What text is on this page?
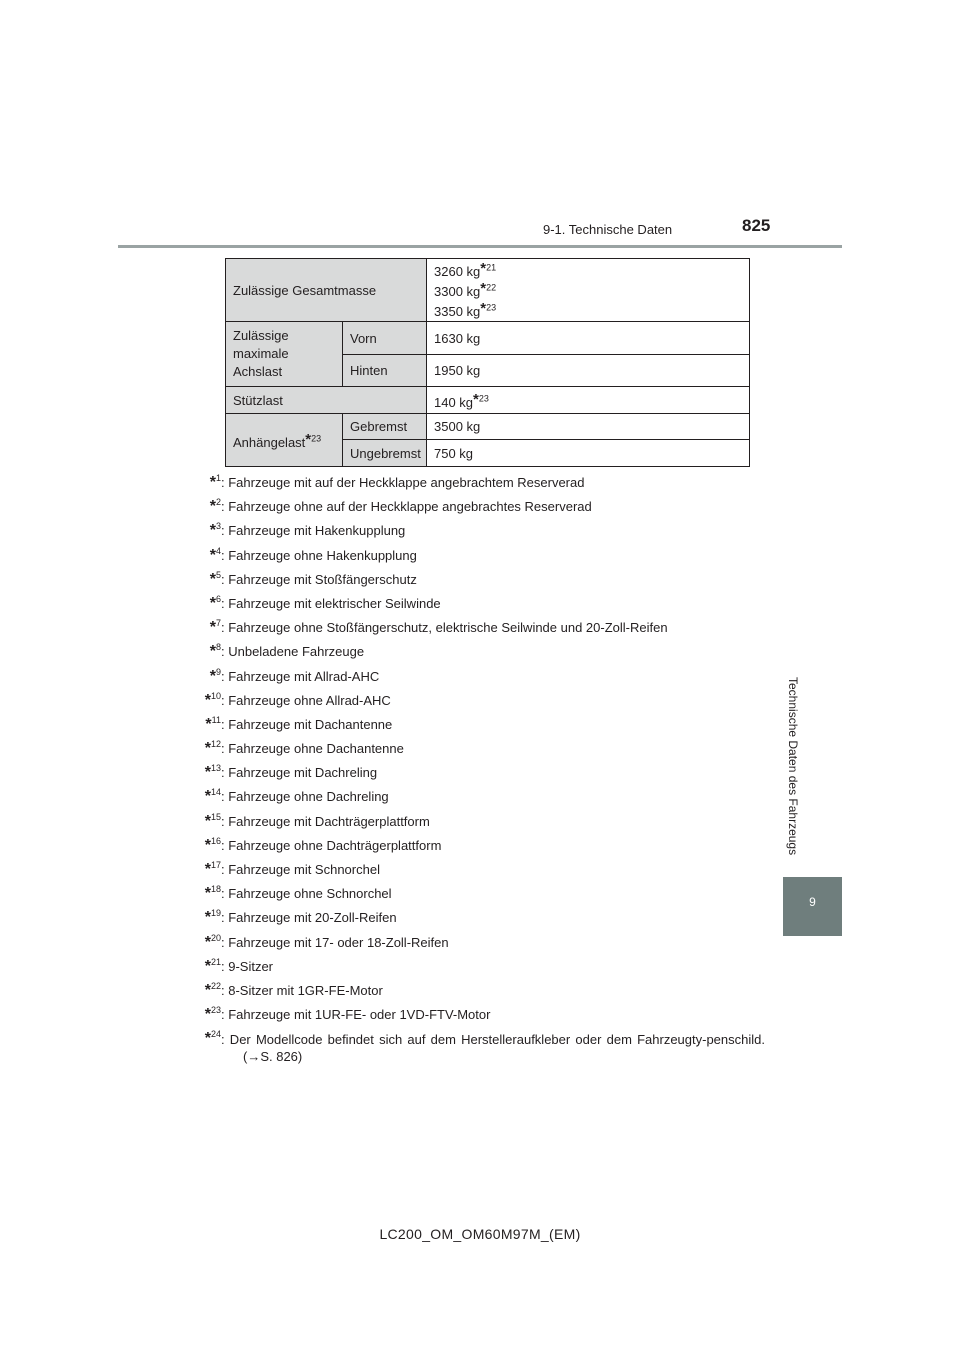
9-1. Technische Daten	825
Technische Daten des Fahrzeugs
9
Zulässige Gesamtmasse		3260 kg*$^{21}$
3300 kg*$^{22}$
3350 kg*$^{23}$
Zulässige maximale Achslast	Vorn	1630 kg
	Hinten	1950 kg
Stützlast		140 kg*$^{23}$
Anhängelast*$^{23}$	Gebremst	3500 kg
	Ungebremst	750 kg
*$^1$ : Fahrzeuge mit auf der Heckklappe angebrachtem Reserverad
*$^2$ : Fahrzeuge ohne auf der Heckklappe angebrachtes Reserverad
*$^3$ : Fahrzeuge mit Hakenkupplung
*$^4$ : Fahrzeuge ohne Hakenkupplung
*$^5$ : Fahrzeuge mit Stoßfängerschutz
*$^6$ : Fahrzeuge mit elektrischer Seilwinde
*$^7$ : Fahrzeuge ohne Stoßfängerschutz, elektrische Seilwinde und 20-Zoll-Reifen
*$^8$ : Unbeladene Fahrzeuge
*$^9$ : Fahrzeuge mit Allrad-AHC
*$^{10}$ : Fahrzeuge ohne Allrad-AHC
*$^{11}$ : Fahrzeuge mit Dachantenne
*$^{12}$ : Fahrzeuge ohne Dachantenne
*$^{13}$ : Fahrzeuge mit Dachreling
*$^{14}$ : Fahrzeuge ohne Dachreling
*$^{15}$ : Fahrzeuge mit Dachträgerplattform
*$^{16}$ : Fahrzeuge ohne Dachträgerplattform
*$^{17}$ : Fahrzeuge mit Schnorchel
*$^{18}$ : Fahrzeuge ohne Schnorchel
*$^{19}$ : Fahrzeuge mit 20-Zoll-Reifen
*$^{20}$ : Fahrzeuge mit 17- oder 18-Zoll-Reifen
*$^{21}$ : 9-Sitzer
*$^{22}$ : 8-Sitzer mit 1GR-FE-Motor
*$^{23}$ : Fahrzeuge mit 1UR-FE- oder 1VD-FTV-Motor
*$^{24}$ : Der Modellcode befindet sich auf dem Herstelleraufkleber oder dem Fahrzeugty-penschild. (→S. 826)
LC200_OM_OM60M97M_(EM)
